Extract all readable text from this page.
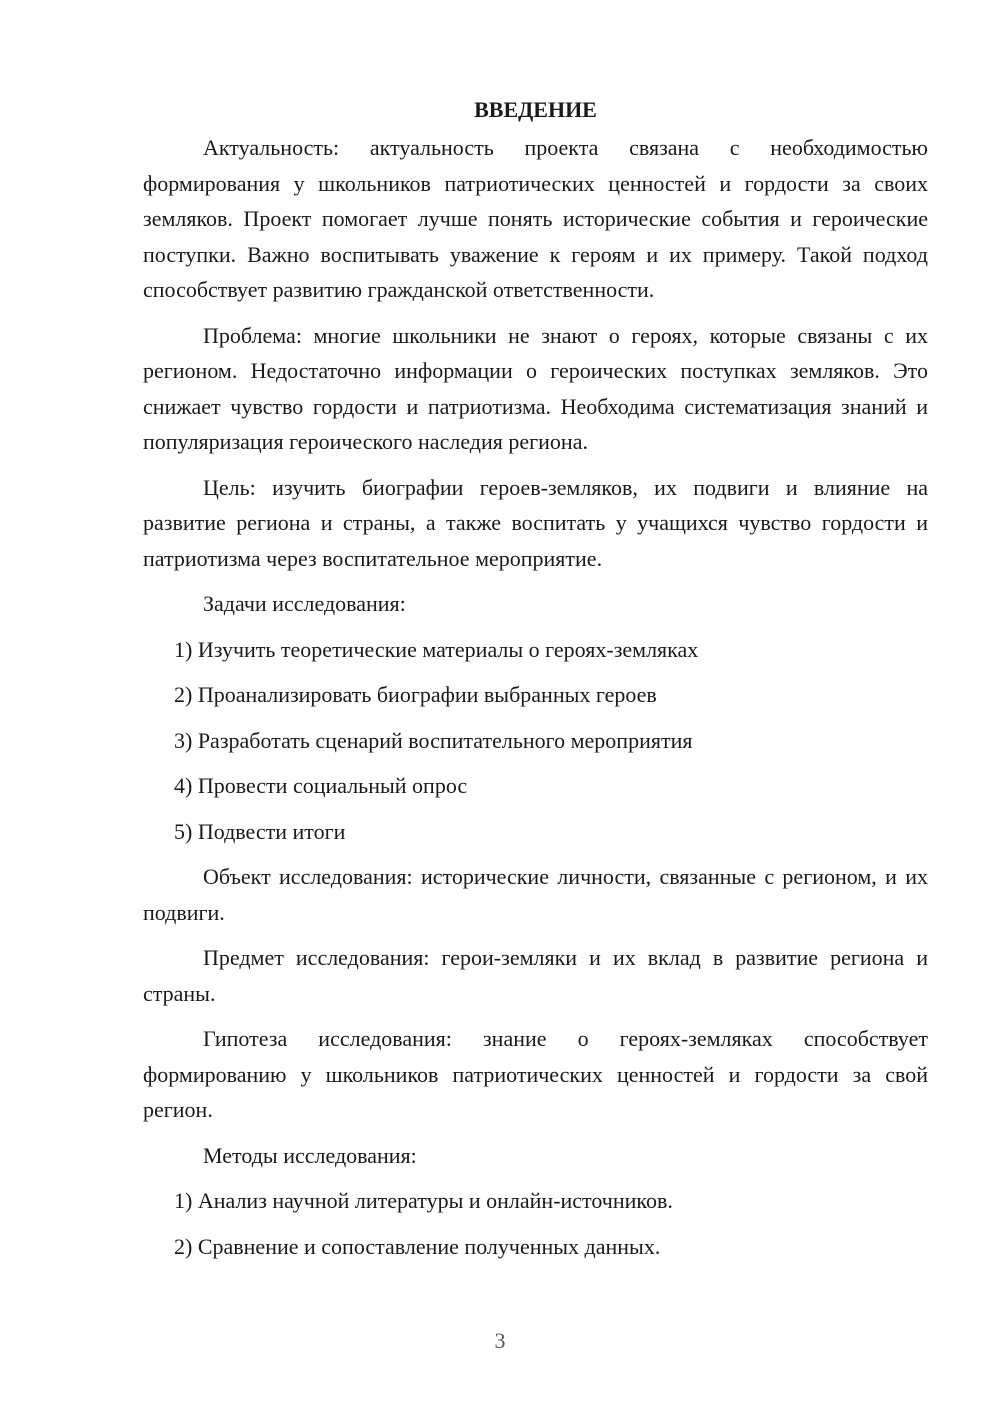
ВВЕДЕНИЕ

Актуальность: актуальность проекта связана с необходимостью формирования у школьников патриотических ценностей и гордости за своих земляков. Проект помогает лучше понять исторические события и героические поступки. Важно воспитывать уважение к героям и их примеру. Такой подход способствует развитию гражданской ответственности.

Проблема: многие школьники не знают о героях, которые связаны с их регионом. Недостаточно информации о героических поступках земляков. Это снижает чувство гордости и патриотизма. Необходима систематизация знаний и популяризация героического наследия региона.

Цель: изучить биографии героев-земляков, их подвиги и влияние на развитие региона и страны, а также воспитать у учащихся чувство гордости и патриотизма через воспитательное мероприятие.

Задачи исследования:

1) Изучить теоретические материалы о героях-земляках
2) Проанализировать биографии выбранных героев
3) Разработать сценарий воспитательного мероприятия
4) Провести социальный опрос
5) Подвести итоги

Объект исследования: исторические личности, связанные с регионом, и их подвиги.

Предмет исследования: герои-земляки и их вклад в развитие региона и страны.

Гипотеза исследования: знание о героях-земляках способствует формированию у школьников патриотических ценностей и гордости за свой регион.

Методы исследования:

1) Анализ научной литературы и онлайн-источников.
2) Сравнение и сопоставление полученных данных.
3
